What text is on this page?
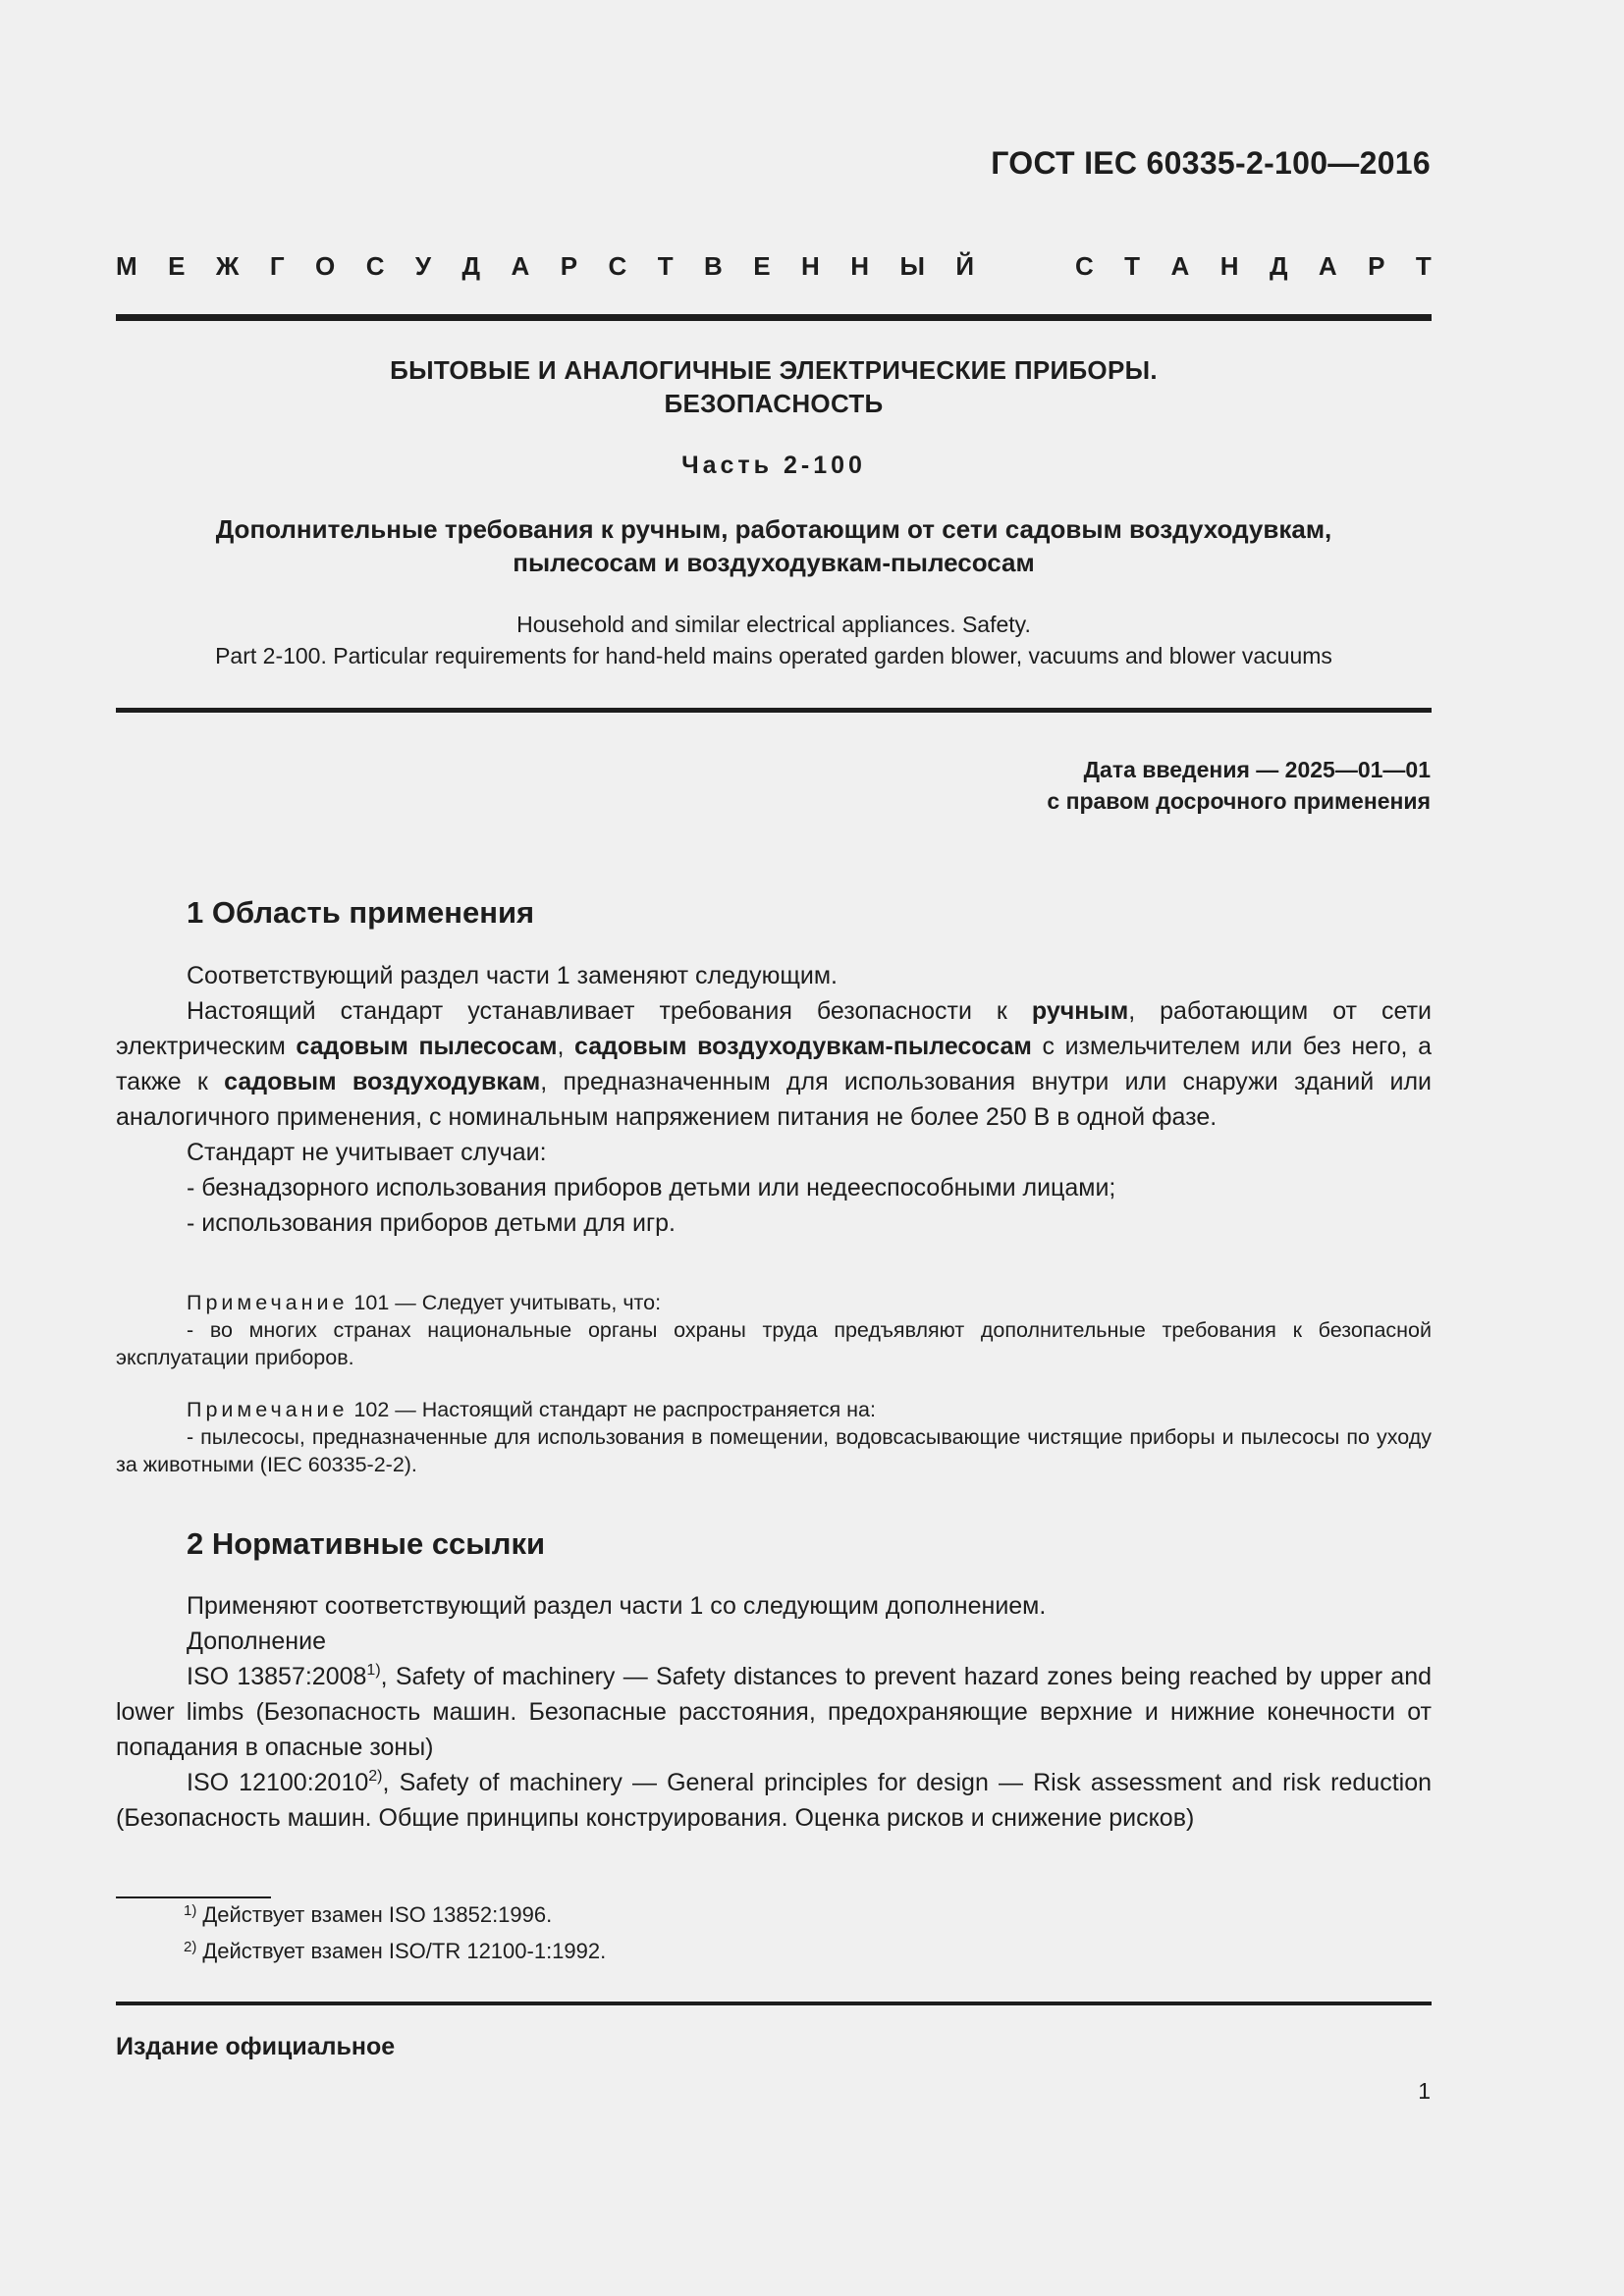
ГОСТ IEC 60335-2-100—2016
М Е Ж Г О С У Д А Р С Т В Е Н Н Ы Й	С Т А Н Д А Р Т
БЫТОВЫЕ И АНАЛОГИЧНЫЕ ЭЛЕКТРИЧЕСКИЕ ПРИБОРЫ.
БЕЗОПАСНОСТЬ
Часть 2-100
Дополнительные требования к ручным, работающим от сети садовым воздуходувкам,
пылесосам и воздуходувкам-пылесосам
Household and similar electrical appliances. Safety.
Part 2-100. Particular requirements for hand-held mains operated garden blower, vacuums and blower vacuums
Дата введения — 2025—01—01
с правом досрочного применения
1 Область применения

Соответствующий раздел части 1 заменяют следующим.

Настоящий стандарт устанавливает требования безопасности к ручным, работающим от сети электрическим садовым пылесосам, садовым воздуходувкам-пылесосам с измельчителем или без него, а также к садовым воздуходувкам, предназначенным для использования внутри или снаружи зданий или аналогичного применения, с номинальным напряжением питания не более 250 В в одной фазе.

Стандарт не учитывает случаи:

- безнадзорного использования приборов детьми или недееспособными лицами;

- использования приборов детьми для игр.

Примечание 101 — Следует учитывать, что:

- во многих странах национальные органы охраны труда предъявляют дополнительные требования к безопасной эксплуатации приборов.

Примечание 102 — Настоящий стандарт не распространяется на:

- пылесосы, предназначенные для использования в помещении, водовсасывающие чистящие приборы и пылесосы по уходу за животными (IEC 60335-2-2).

2 Нормативные ссылки

Применяют соответствующий раздел части 1 со следующим дополнением.

Дополнение

ISO 13857:2008$^{1)}$, Safety of machinery — Safety distances to prevent hazard zones being reached by upper and lower limbs (Безопасность машин. Безопасные расстояния, предохраняющие верхние и нижние конечности от попадания в опасные зоны)

ISO 12100:2010$^{2)}$, Safety of machinery — General principles for design — Risk assessment and risk reduction (Безопасность машин. Общие принципы конструирования. Оценка рисков и снижение рисков)

$^{1)}$ Действует взамен ISO 13852:1996.
$^{2)}$ Действует взамен ISO/TR 12100-1:1992.
Издание официальное
1
